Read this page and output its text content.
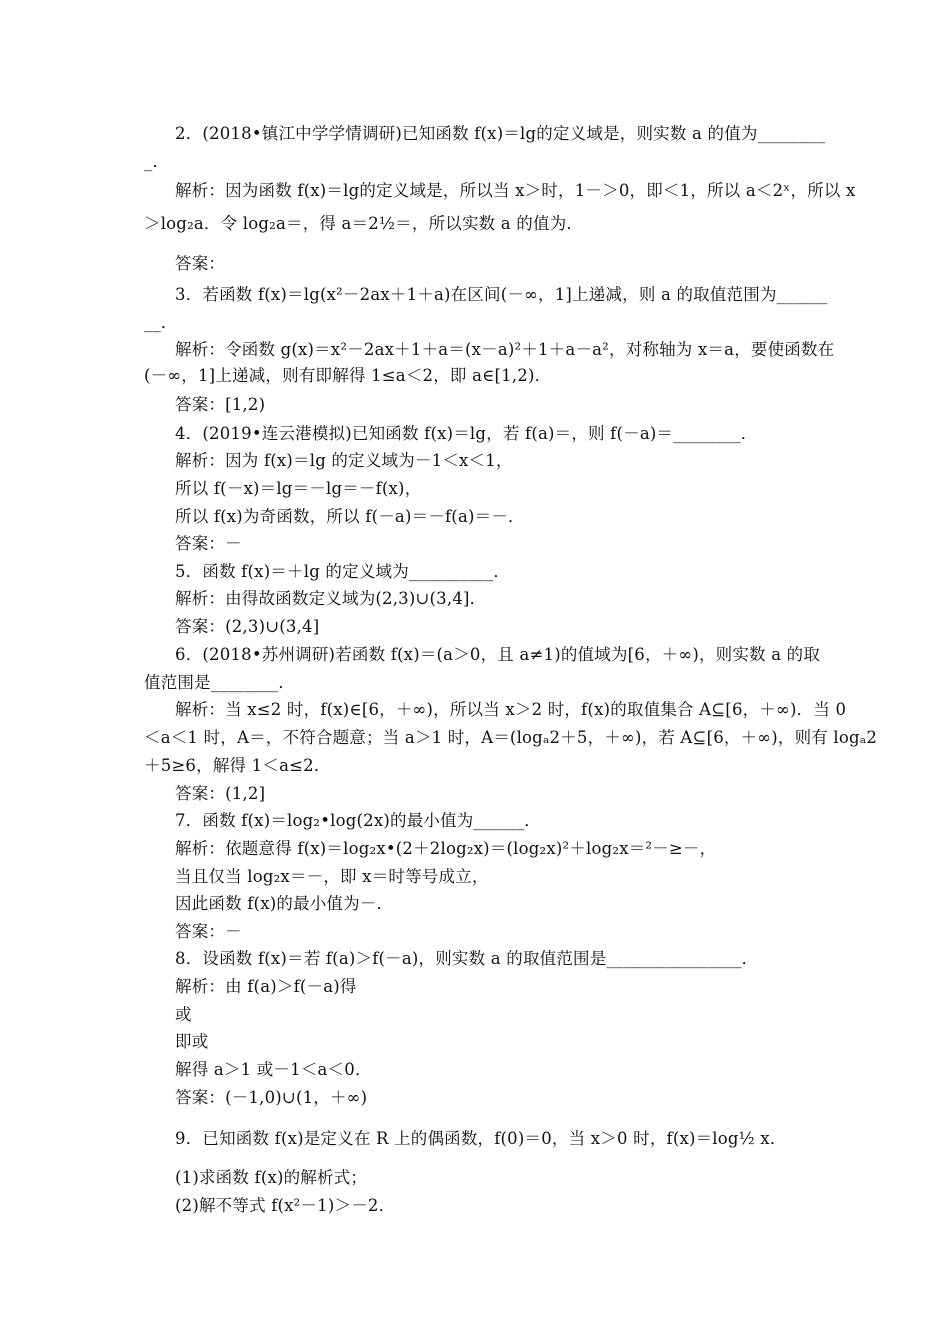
2．(2018•镇江中学学情调研)已知函数 f(x)＝lg的定义域是，则实数 a 的值为________
_．
解析：因为函数 f(x)＝lg的定义域是，所以当 x＞时，1－＞0，即＜1，所以 a＜2ˣ，所以 x
＞log₂a．令 log₂a＝，得 a＝2½＝，所以实数 a 的值为．
答案：
3．若函数 f(x)＝lg(x²－2ax＋1＋a)在区间(－∞，1]上递减，则 a 的取值范围为______
__．
解析：令函数 g(x)＝x²－2ax＋1＋a＝(x－a)²＋1＋a－a²，对称轴为 x＝a，要使函数在
(－∞，1]上递减，则有即解得 1≤a＜2，即 a∈[1,2)．
答案：[1,2)
4．(2019•连云港模拟)已知函数 f(x)＝lg，若 f(a)＝，则 f(－a)＝________．
解析：因为 f(x)＝lg 的定义域为－1＜x＜1，
所以 f(－x)＝lg＝－lg＝－f(x)，
所以 f(x)为奇函数，所以 f(－a)＝－f(a)＝－．
答案：－
5．函数 f(x)＝＋lg 的定义域为__________．
解析：由得故函数定义域为(2,3)∪(3,4]．
答案：(2,3)∪(3,4]
6．(2018•苏州调研)若函数 f(x)＝(a＞0，且 a≠1)的值域为[6，＋∞)，则实数 a 的取
值范围是________．
解析：当 x≤2 时，f(x)∈[6，＋∞)，所以当 x＞2 时，f(x)的取值集合 A⊆[6，＋∞)．当 0
＜a＜1 时，A＝，不符合题意；当 a＞1 时，A＝(logₐ2＋5，＋∞)，若 A⊆[6，＋∞)，则有 logₐ2
＋5≥6，解得 1＜a≤2．
答案：(1,2]
7．函数 f(x)＝log₂•log(2x)的最小值为______．
解析：依题意得 f(x)＝log₂x•(2＋2log₂x)＝(log₂x)²＋log₂x＝²－≥－，
当且仅当 log₂x＝－，即 x＝时等号成立，
因此函数 f(x)的最小值为－．
答案：－
8．设函数 f(x)＝若 f(a)＞f(－a)，则实数 a 的取值范围是________________．
解析：由 f(a)＞f(－a)得
或
即或
解得 a＞1 或－1＜a＜0．
答案：(－1,0)∪(1，＋∞)
9．已知函数 f(x)是定义在 R 上的偶函数，f(0)＝0，当 x＞0 时，f(x)＝log½ x．
(1)求函数 f(x)的解析式；
(2)解不等式 f(x²－1)＞－2．
